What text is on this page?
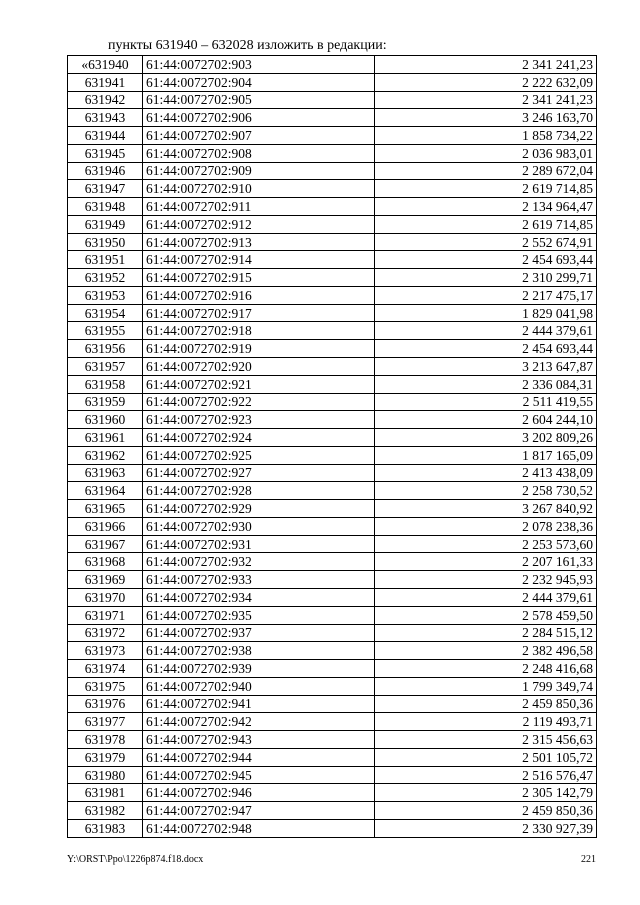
пункты 631940 – 632028 изложить в редакции:
«631940	61:44:0072702:903	2 341 241,23
631941	61:44:0072702:904	2 222 632,09
631942	61:44:0072702:905	2 341 241,23
631943	61:44:0072702:906	3 246 163,70
631944	61:44:0072702:907	1 858 734,22
631945	61:44:0072702:908	2 036 983,01
631946	61:44:0072702:909	2 289 672,04
631947	61:44:0072702:910	2 619 714,85
631948	61:44:0072702:911	2 134 964,47
631949	61:44:0072702:912	2 619 714,85
631950	61:44:0072702:913	2 552 674,91
631951	61:44:0072702:914	2 454 693,44
631952	61:44:0072702:915	2 310 299,71
631953	61:44:0072702:916	2 217 475,17
631954	61:44:0072702:917	1 829 041,98
631955	61:44:0072702:918	2 444 379,61
631956	61:44:0072702:919	2 454 693,44
631957	61:44:0072702:920	3 213 647,87
631958	61:44:0072702:921	2 336 084,31
631959	61:44:0072702:922	2 511 419,55
631960	61:44:0072702:923	2 604 244,10
631961	61:44:0072702:924	3 202 809,26
631962	61:44:0072702:925	1 817 165,09
631963	61:44:0072702:927	2 413 438,09
631964	61:44:0072702:928	2 258 730,52
631965	61:44:0072702:929	3 267 840,92
631966	61:44:0072702:930	2 078 238,36
631967	61:44:0072702:931	2 253 573,60
631968	61:44:0072702:932	2 207 161,33
631969	61:44:0072702:933	2 232 945,93
631970	61:44:0072702:934	2 444 379,61
631971	61:44:0072702:935	2 578 459,50
631972	61:44:0072702:937	2 284 515,12
631973	61:44:0072702:938	2 382 496,58
631974	61:44:0072702:939	2 248 416,68
631975	61:44:0072702:940	1 799 349,74
631976	61:44:0072702:941	2 459 850,36
631977	61:44:0072702:942	2 119 493,71
631978	61:44:0072702:943	2 315 456,63
631979	61:44:0072702:944	2 501 105,72
631980	61:44:0072702:945	2 516 576,47
631981	61:44:0072702:946	2 305 142,79
631982	61:44:0072702:947	2 459 850,36
631983	61:44:0072702:948	2 330 927,39
Y:\ORST\Ppo\1226p874.f18.docx	221
